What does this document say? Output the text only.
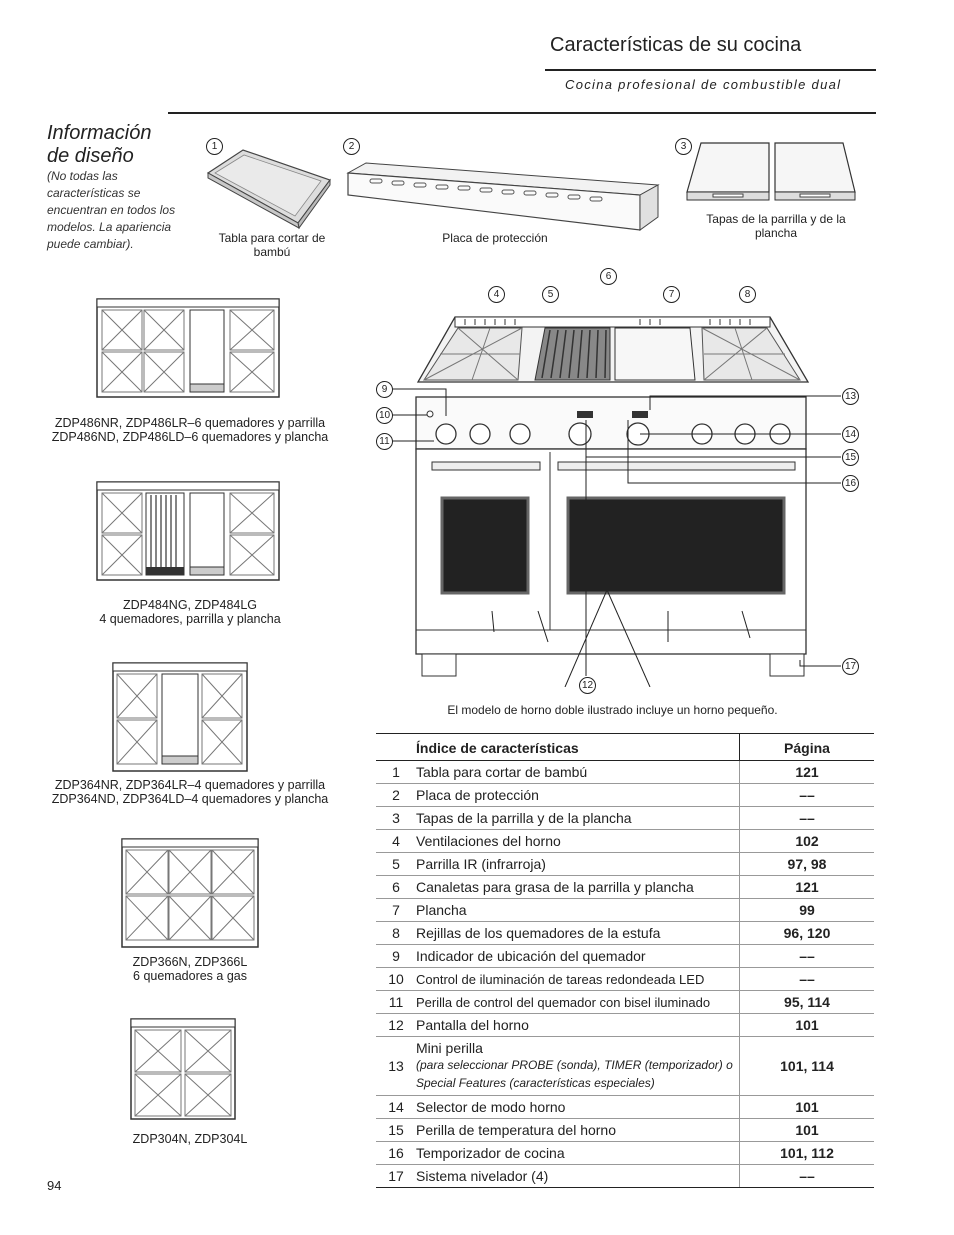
Características de su cocina
Cocina profesional de combustible dual
Información de diseño
(No todas las características se encuentran en todos los modelos. La apariencia puede cambiar).
1
Tabla para cortar de bambú
2
Placa de protección
3
Tapas de la parrilla y de la plancha
ZDP486NR, ZDP486LR–6 quemadores y parrilla
ZDP486ND, ZDP486LD–6 quemadores y plancha
ZDP484NG, ZDP484LG
4 quemadores, parrilla y plancha
ZDP364NR, ZDP364LR–4 quemadores y parrilla
ZDP364ND, ZDP364LD–4 quemadores y plancha
ZDP366N, ZDP366L
6 quemadores a gas
ZDP304N, ZDP304L
4	5
6
7	8
9
10
11
12
13
14
15
16
17
El modelo de horno doble ilustrado incluye un horno pequeño.
	Índice de características	Página
1	Tabla para cortar de bambú	121
2	Placa de protección	––
3	Tapas de la parrilla y de la plancha	––
4	Ventilaciones del horno	102
5	Parrilla IR (infrarroja)	97, 98
6	Canaletas para grasa de la parrilla y plancha	121
7	Plancha	99
8	Rejillas de los quemadores de la estufa	96, 120
9	Indicador de ubicación del quemador	––
10	Control de iluminación de tareas redondeada LED	––
11	Perilla de control del quemador con bisel iluminado	95, 114
12	Pantalla del horno	101
13	Mini perilla
(para seleccionar PROBE (sonda), TIMER (temporizador) o Special Features (características especiales)	101, 114
14	Selector de modo horno	101
15	Perilla de temperatura del horno	101
16	Temporizador de cocina	101, 112
17	Sistema nivelador (4)	––
94
